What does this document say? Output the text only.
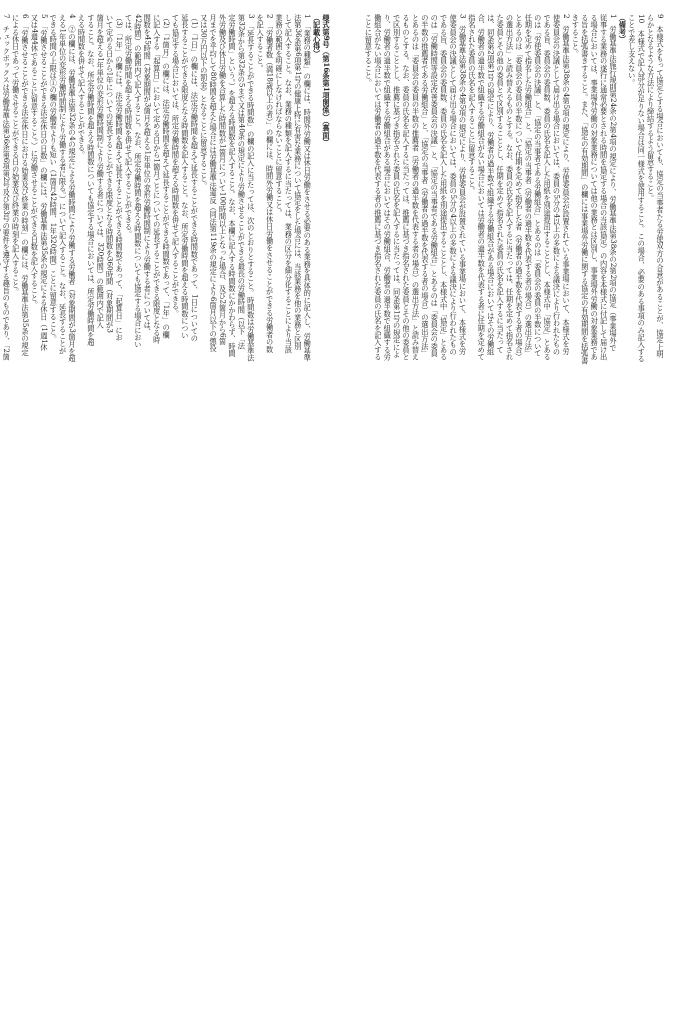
様式第9号（第16条第1項関係）（裏面）
（記載心得）
1　「業務の種類」の欄には、時間外労働又は休日労働をさせる必要のある業務を具体的に記入し、労働基準
法第36条第6項第1号の健康上特に有害な業務について協定をした場合には、当該業務を他の業務と区別
して記入すること。なお、業務の種類を記入するに当たっては、業務の区分を細分化することにより当該
業務の範囲を明確にしなければならないことに留意すること。
2　「労働者数（満18歳以上の者）」の欄には、時間外労働又は休日労働をさせることができる労働者の数
を記入すること。
3　「延長することができる時間数」の欄の記入に当たっては、次のとおりとすること。時間数は労働基準法
第32条から第32条の5まで又は第40条の規定により労働させることができる最長の労働時間（以下「法
定労働時間」という。）を超える時間数を記入すること。なお、本欄に記入する時間数にかかわらず、時間
外労働及び休日労働を合算した時間数が1箇月について100時間以上となった場合、及び2箇月から6箇
月までを平均して80時間を超えた場合には労働基準法違反（同法第119条の規定により6箇月以下の懲役
又は30万円以下の罰金）となることに留意すること。
（1）「1日」の欄には、法定労働時間を超えて延長することができる時間数であって、1日についての
延長することができる限度となる時間数を記入すること。なお、所定労働時間を超える時間数につい
ても協定する場合においては、所定労働時間を超える時間数を併せて記入することができる。
（2）「1箇月」の欄には、法定労働時間を超えて延長することができる時間数であって、「1年」の欄
に記入する「起算日」において定める日から1箇月ごとについての延長することができる限度となる時
間数を45時間（対象期間が3箇月を超える1年単位の変形労働時間制により労働する者については、
42時間）の範囲内で記入すること。なお、所定労働時間を超える時間数についても協定する場合におい
ては、所定労働時間を超える時間数を併せて記入することができる。
（3）「1年」の欄には、法定労働時間を超えて延長することができる時間数であって、「起算日」にお
いて定める日から1年についての延長することができる限度となる時間数を360時間（対象期間が3
箇月を超える1年単位の変形労働時間制により労働する者については、320時間）の範囲内で記入
すること。なお、所定労働時間を超える時間数についても協定する場合においては、所定労働時間を超
える時間数を併せて記入することができる。
4　②の欄には、労働基準法第32条の4の規定による労働時間により労働する労働者（対象期間が3箇月を超
える1年単位の変形労働時間制により労働する者に限る。）について記入すること。なお、延長することが
できる時間の上限は①の欄の労働者よりも短い（1箇月42時間、1年320時間）ことに留意すること。
5　「労働させることができる法定休日の日数」の欄には、労働基準法第35条の規定による休日（1週1休
又は4週4休であることに留意すること。）に労働させることができる日数を記入すること。
6　「労働させることができる法定休日における始業及び終業の時刻」の欄には、労働基準法第35条の規定
による休日であって労働させることができる日の始業及び終業の時刻を記入すること。
7　チェックボックスは労働基準法第36条第6項第2号及び第3号の要件を遵守する趣旨のものであり、「2箇	9　本様式をもって協定とする場合においても、協定の当事者たる労使双方の合意があることが、協定上明
らかとなるような方法により締結するよう留意すること。
10　本様式で記入部分が足りない場合は同一様式を使用すること。この場合、必要のある事項のみ記入する
ことで差し支えない。
（備考）
1　労働基準法施行規則第24条の2第4項の規定により、労働基準法第38条の2第2項の協定（事業場外で
従事する業務の遂行に通常必要とされる時間を協定する場合の当該協定）の内容を本様式に付記して届け出
る場合においては、事業場外労働の対象業務については他の業務とは区別し、事業場外労働の対象業務であ
る旨を括弧書きすること。また、「協定の有効期間」の欄には事業場外労働に関する協定の有効期間を括弧書
きすること。
2　労働基準法第38条の4第5項の規定により、労使委員会が設置されている事業場において、本様式を労
使委員会の決議として届け出る場合においては、委員の5分の4以上の多数による議決により行われたもの
である旨、委員会の委員数、委員の氏名を記入した用紙を別途提出することとし、本様式中「協定」とある
のは「労使委員会の決議」と、「協定の当事者である労働組合」とあるのは「委員会の委員の半数について
任期を定めて指名した労働組合」と、「協定の当事者（労働者の過半数を代表する者の場合）の選出方法」
とあるのは「委員会の委員の半数について任期を定めて指名した者（労働者の過半数を代表する者の場合）
の選出方法」と読み替えるものとする。なお、委員の氏名を記入するに当たっては、任期を定めて指名され
た委員とその他の委員とで区別することとし、任期を定めて指名された委員の氏名を記入するに当たって
は、同条第2項第1号の規定により、労働者の過半数で組織する労働組合がある場合においてはその労働組
合、労働者の過半数で組織する労働組合がない場合においては労働者の過半数を代表する者に任期を定めて
指名された委員の氏名を記入することに留意すること。
3　労働基準法第38条の4第5項の規定により、労使委員会が設置されている事業場において、本様式を労
使委員会の決議として届け出る場合においては、委員の5分の4以上の多数による議決により行われたもの
である旨、委員会の委員数、委員の氏名を記入した用紙を別途提出することとし、本様式中「協定」とある
のは「労働時間等設定改善委員会の決議」と、「協定の当事者である労働組合」とあるのは「委員会の委員
の半数の推薦者である労働組合」と、「協定の当事者（労働者の過半数を代表する者の場合）の選出方法」
とあるのは「委員会の委員の半数の推薦者（労働者の過半数を代表する者の場合）の選出方法」と読み替え
るものとする。なお、委員の氏名を記入するに当たっては、推薦に基づき指名された委員とその他の委員と
で区別することとし、推薦に基づき指名された委員の氏名を記入するに当たっては、同条第1号の規定によ
り、労働者の過半数で組織する労働組合がある場合においてはその労働組合、労働者の過半数で組織する労
働組合がない場合においては労働者の過半数を代表する者の推薦に基づき指名された委員の氏名を記入する
ことに留意すること。
